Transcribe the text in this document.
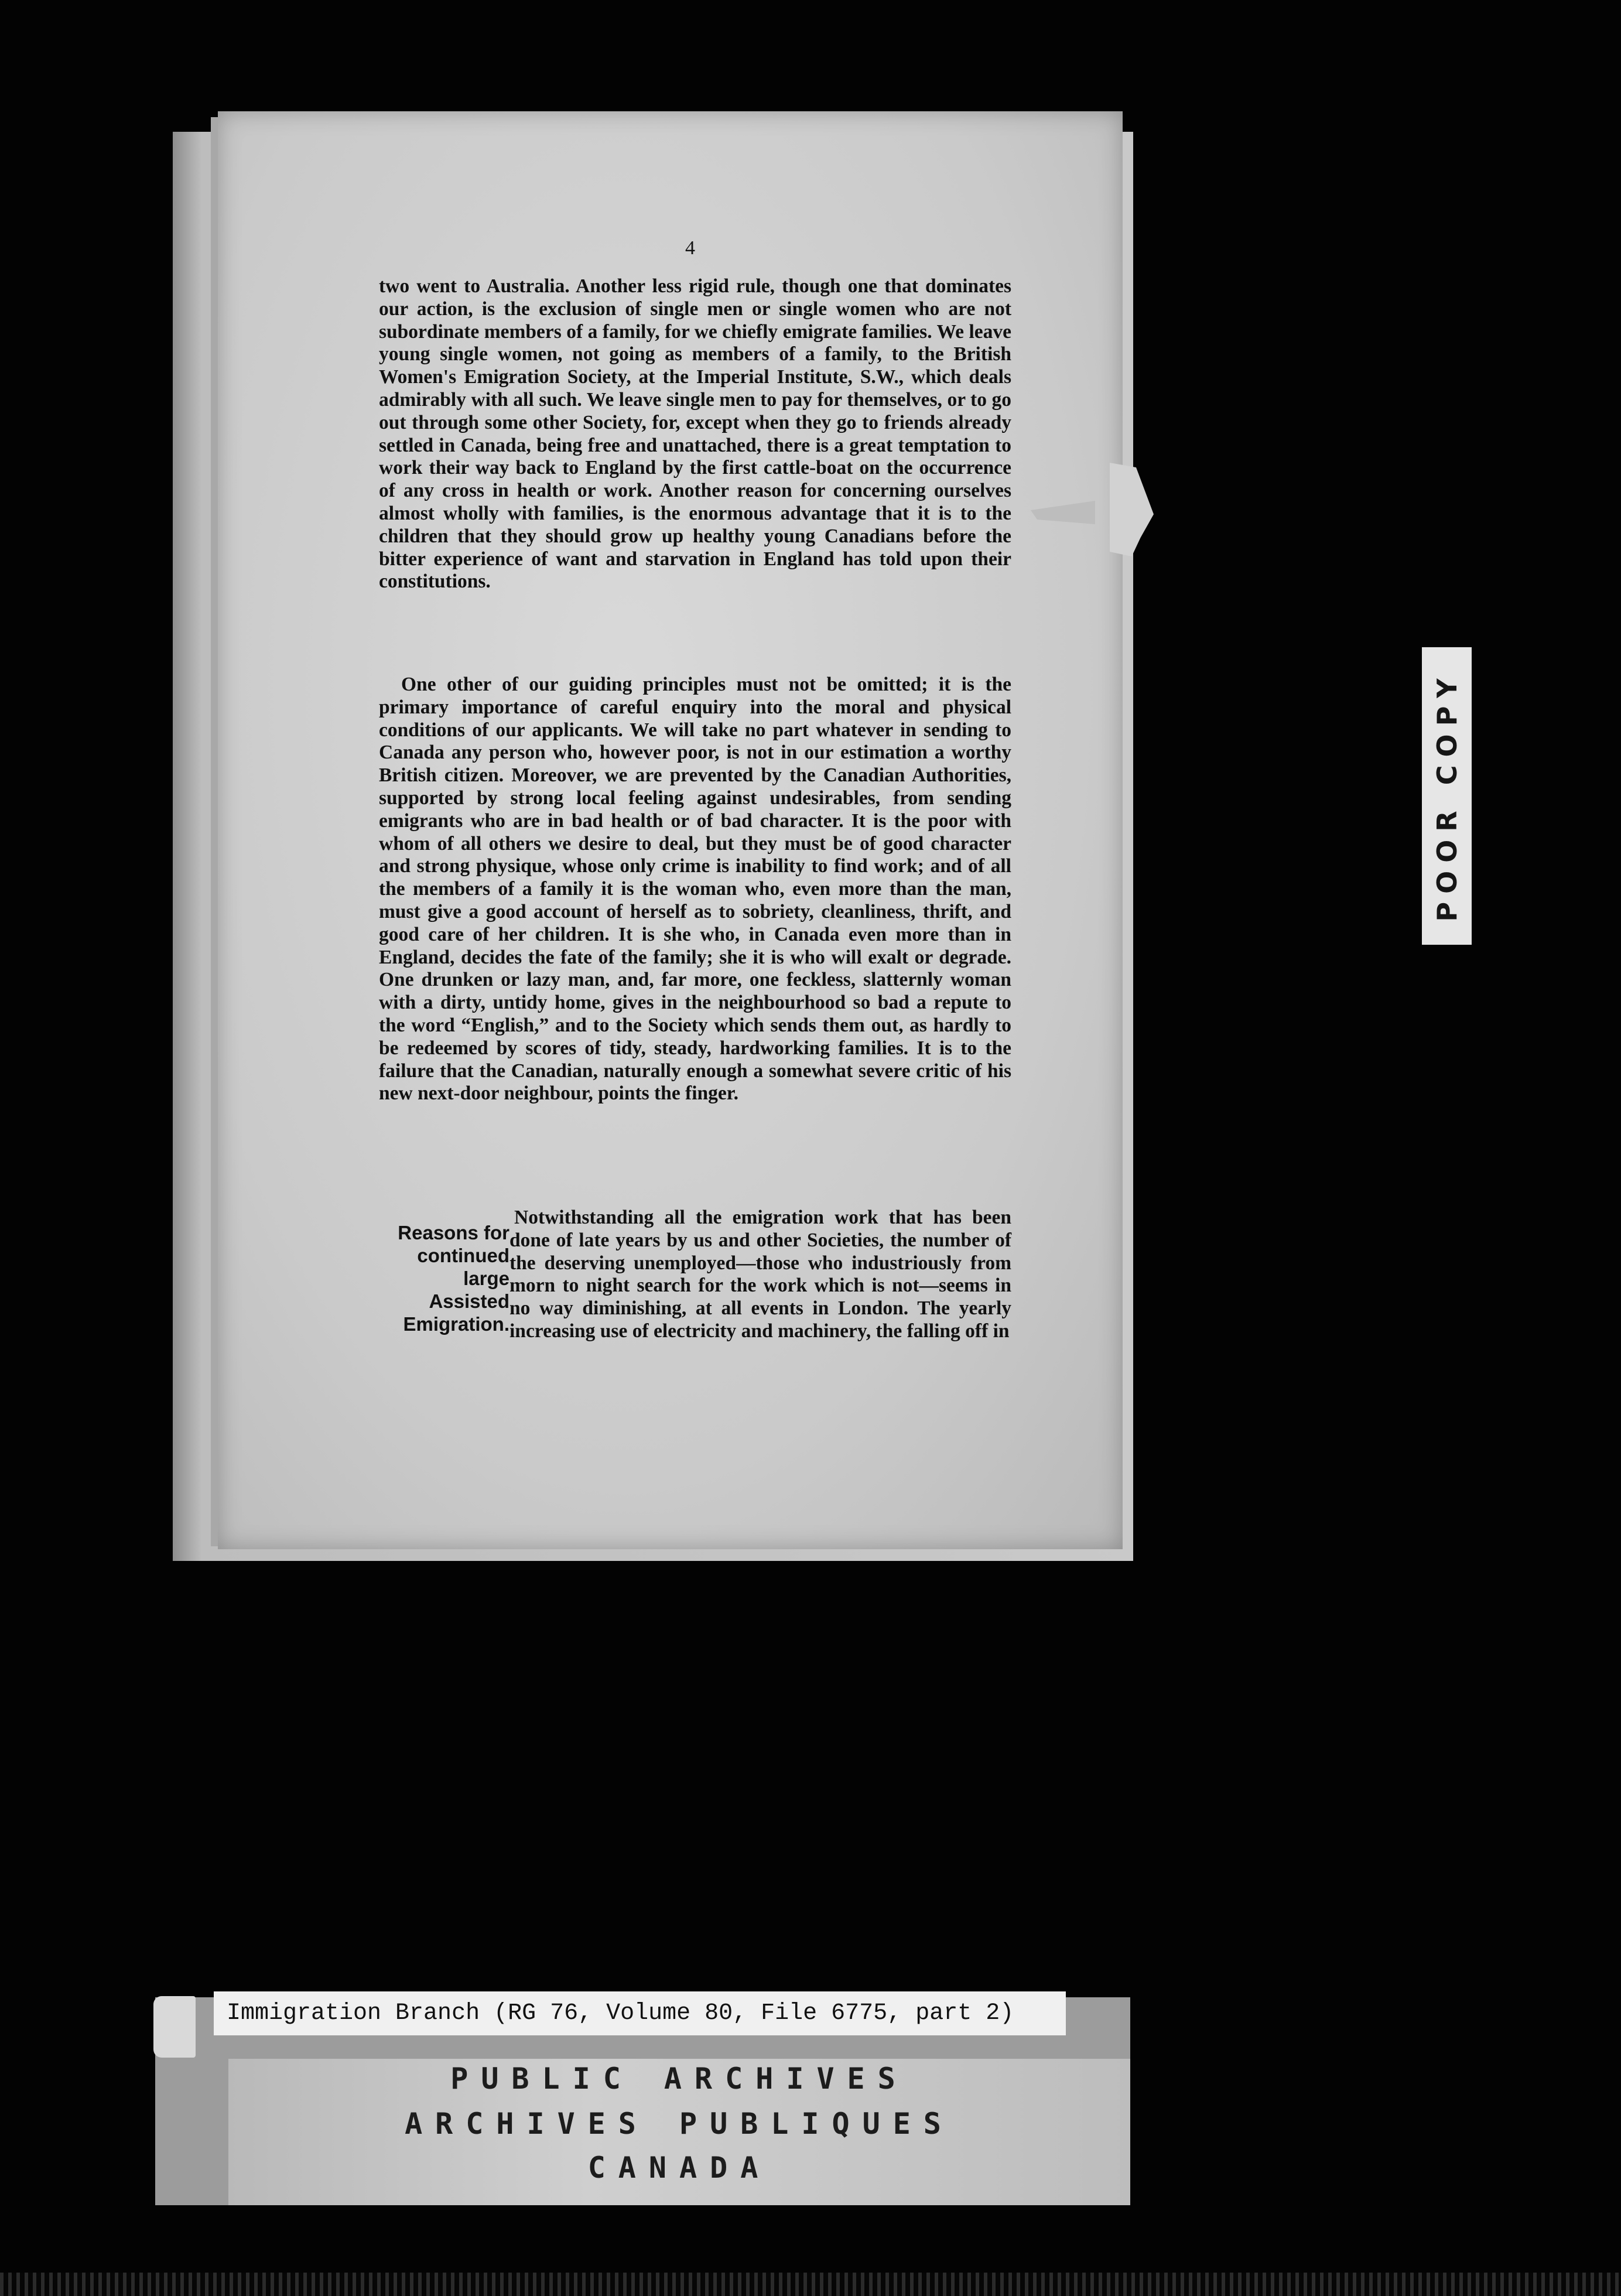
4

two went to Australia. Another less rigid rule, though one that dominates our action, is the exclusion of single men or single women who are not subordinate members of a family, for we chiefly emigrate families. We leave young single women, not going as members of a family, to the British Women's Emigration Society, at the Imperial Institute, S.W., which deals admirably with all such. We leave single men to pay for themselves, or to go out through some other Society, for, except when they go to friends already settled in Canada, being free and unattached, there is a great temptation to work their way back to England by the first cattle-boat on the occurrence of any cross in health or work. Another reason for concerning ourselves almost wholly with families, is the enormous advantage that it is to the children that they should grow up healthy young Canadians before the bitter experience of want and starvation in England has told upon their constitutions.

One other of our guiding principles must not be omitted; it is the primary importance of careful enquiry into the moral and physical conditions of our applicants. We will take no part whatever in sending to Canada any person who, however poor, is not in our estimation a worthy British citizen. Moreover, we are prevented by the Canadian Authorities, supported by strong local feeling against undesirables, from sending emigrants who are in bad health or of bad character. It is the poor with whom of all others we desire to deal, but they must be of good character and strong physique, whose only crime is inability to find work; and of all the members of a family it is the woman who, even more than the man, must give a good account of herself as to sobriety, cleanliness, thrift, and good care of her children. It is she who, in Canada even more than in England, decides the fate of the family; she it is who will exalt or degrade. One drunken or lazy man, and, far more, one feckless, slatternly woman with a dirty, untidy home, gives in the neighbourhood so bad a repute to the word “English,” and to the Society which sends them out, as hardly to be redeemed by scores of tidy, steady, hardworking families. It is to the failure that the Canadian, naturally enough a somewhat severe critic of his new next-door neighbour, points the finger.

Reasons for
continued
large
Assisted
Emigration.

Notwithstanding all the emigration work that has been done of late years by us and other Societies, the number of the deserving unemployed—those who industriously from morn to night search for the work which is not—seems in no way diminishing, at all events in London. The yearly increasing use of electricity and machinery, the falling off in

POOR COPY
Immigration Branch (RG 76, Volume 80, File 6775, part 2)
PUBLIC ARCHIVES
ARCHIVES PUBLIQUES
CANADA
